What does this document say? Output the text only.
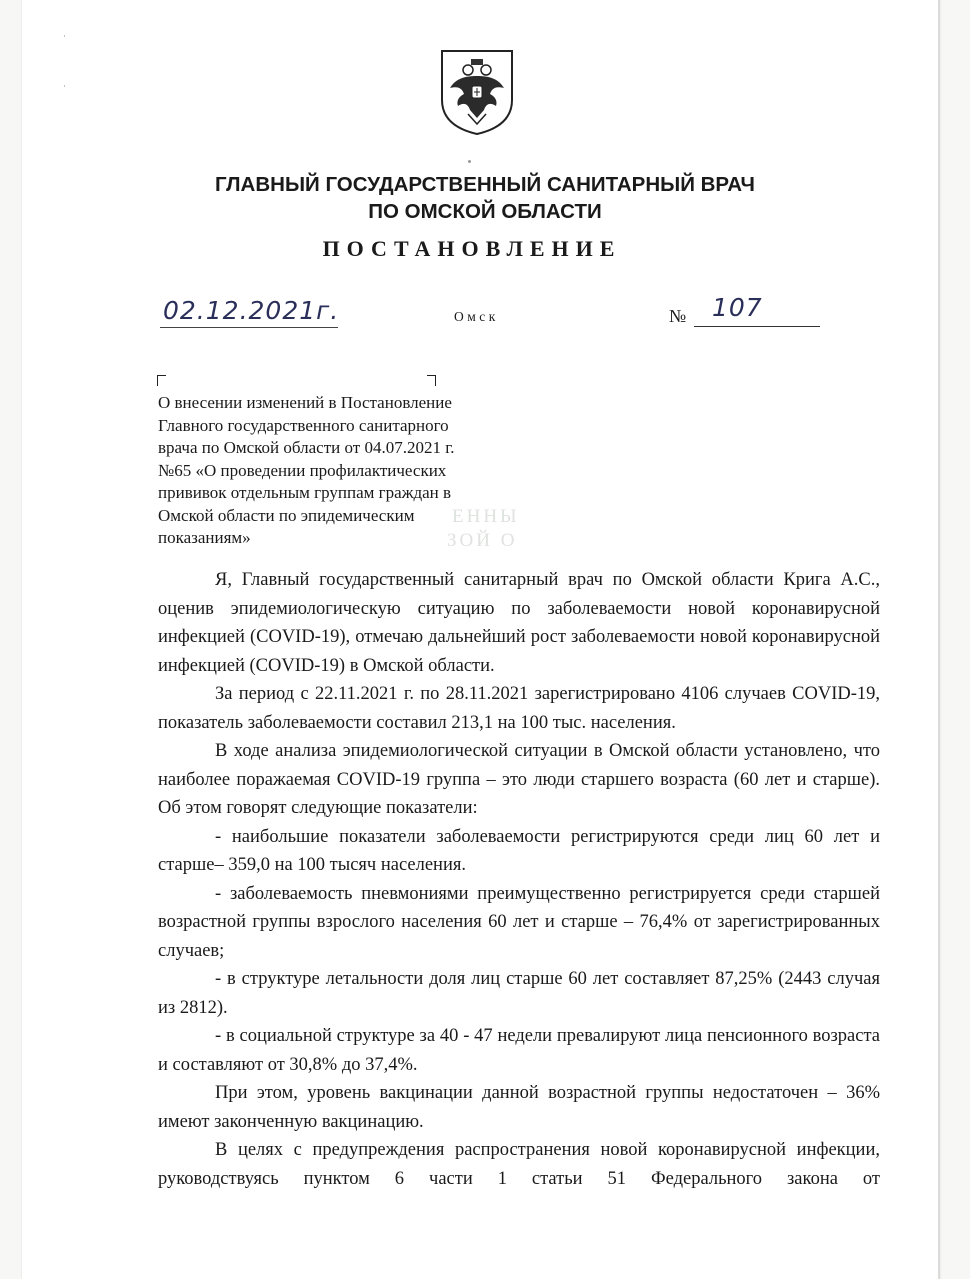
·
·
ГЛАВНЫЙ ГОСУДАРСТВЕННЫЙ САНИТАРНЫЙ ВРАЧ
ПО ОМСКОЙ ОБЛАСТИ
ПОСТАНОВЛЕНИЕ
02.12.2021г.	Омск	№ 107
ЕННЫ
ЗОЙ О
О внесении изменений в Постановление
Главного государственного санитарного
врача по Омской области от 04.07.2021 г.
№65 «О проведении профилактических
прививок отдельным группам граждан в
Омской области по эпидемическим
показаниям»

Я, Главный государственный санитарный врач по Омской области Крига А.С., оценив эпидемиологическую ситуацию по заболеваемости новой коронавирусной инфекцией (COVID-19), отмечаю дальнейший рост заболеваемости новой коронавирусной инфекцией (COVID-19) в Омской области.

За период с 22.11.2021 г. по 28.11.2021 зарегистрировано 4106 случаев COVID-19, показатель заболеваемости составил 213,1 на 100 тыс. населения.

В ходе анализа эпидемиологической ситуации в Омской области установлено, что наиболее поражаемая COVID-19 группа – это люди старшего возраста (60 лет и старше). Об этом говорят следующие показатели:

- наибольшие показатели заболеваемости регистрируются среди лиц 60 лет и старше– 359,0 на 100 тысяч населения.

- заболеваемость пневмониями преимущественно регистрируется среди старшей возрастной группы взрослого населения 60 лет и старше – 76,4% от зарегистрированных случаев;

- в структуре летальности доля лиц старше 60 лет составляет 87,25% (2443 случая из 2812).

- в социальной структуре за 40 - 47 недели превалируют лица пенсионного возраста и составляют от 30,8% до 37,4%.

При этом, уровень вакцинации данной возрастной группы недостаточен – 36% имеют законченную вакцинацию.

В целях с предупреждения распространения новой коронавирусной инфекции, руководствуясь пунктом 6 части 1 статьи 51 Федерального закона от
